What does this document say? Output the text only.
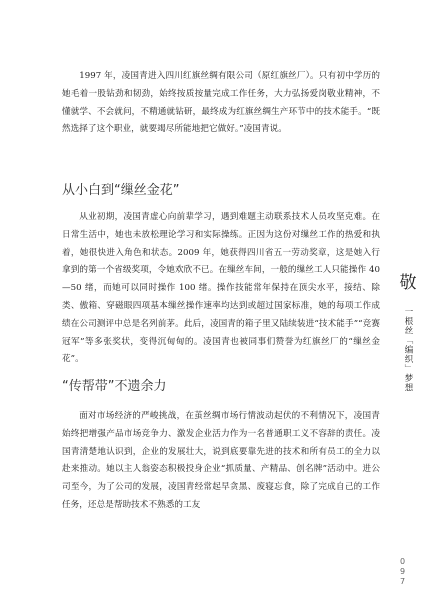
1997 年，凌国青进入四川红旗丝绸有限公司（原红旗丝厂）。只有初中学历的她毛着一股钻劲和韧劲，始终按质按量完成工作任务，大力弘扬爱岗敬业精神，不懂就学、不会就问，不精通就钻研，最终成为红旗丝绸生产环节中的技术能手。“既然选择了这个职业，就要竭尽所能地把它做好。”凌国青说。

从小白到“缫丝金花”

从业初期，凌国青虚心向前辈学习，遇到难题主动联系技术人员攻坚克难。在日常生活中，她也未放松理论学习和实际操练。正因为这份对缫丝工作的热爱和执着，她很快进入角色和状态。2009 年，她获得四川省五一劳动奖章，这是她入行拿到的第一个省级奖项，令她欢欣不已。在缫丝车间，一般的缫丝工人只能操作 40—50 绪，而她可以同时操作 100 绪。操作技能常年保持在顶尖水平，接结、除类、傲箱、穿磁眼四项基本缫丝操作速率均达到或超过国家标准，她的每项工作成绩在公司测评中总是名列前茅。此后，凌国青的箱子里又陆续装进“技术能手”“竞赛冠军”等多张奖状，变得沉甸甸的。凌国青也被同事们赞誉为红旗丝厂的“缫丝金花”。

“传帮带”不遗余力

面对市场经济的严峻挑战，在茧丝绸市场行情波动起伏的不利情况下，凌国青始终把增强产品市场竞争力、激发企业活力作为一名普通职工义不容辞的责任。凌国青清楚地认识到，企业的发展壮大，说到底要靠先进的技术和所有员工的全力以赴来推动。她以主人翁姿态积极投身企业“抓质量、产精品、创名牌”活动中。进公司至今，为了公司的发展，凌国青经常起早贪黑、废寝忘食，除了完成自己的工作任务，还总是帮助技术不熟悉的工友

敬
一根丝「编织」梦想
097
